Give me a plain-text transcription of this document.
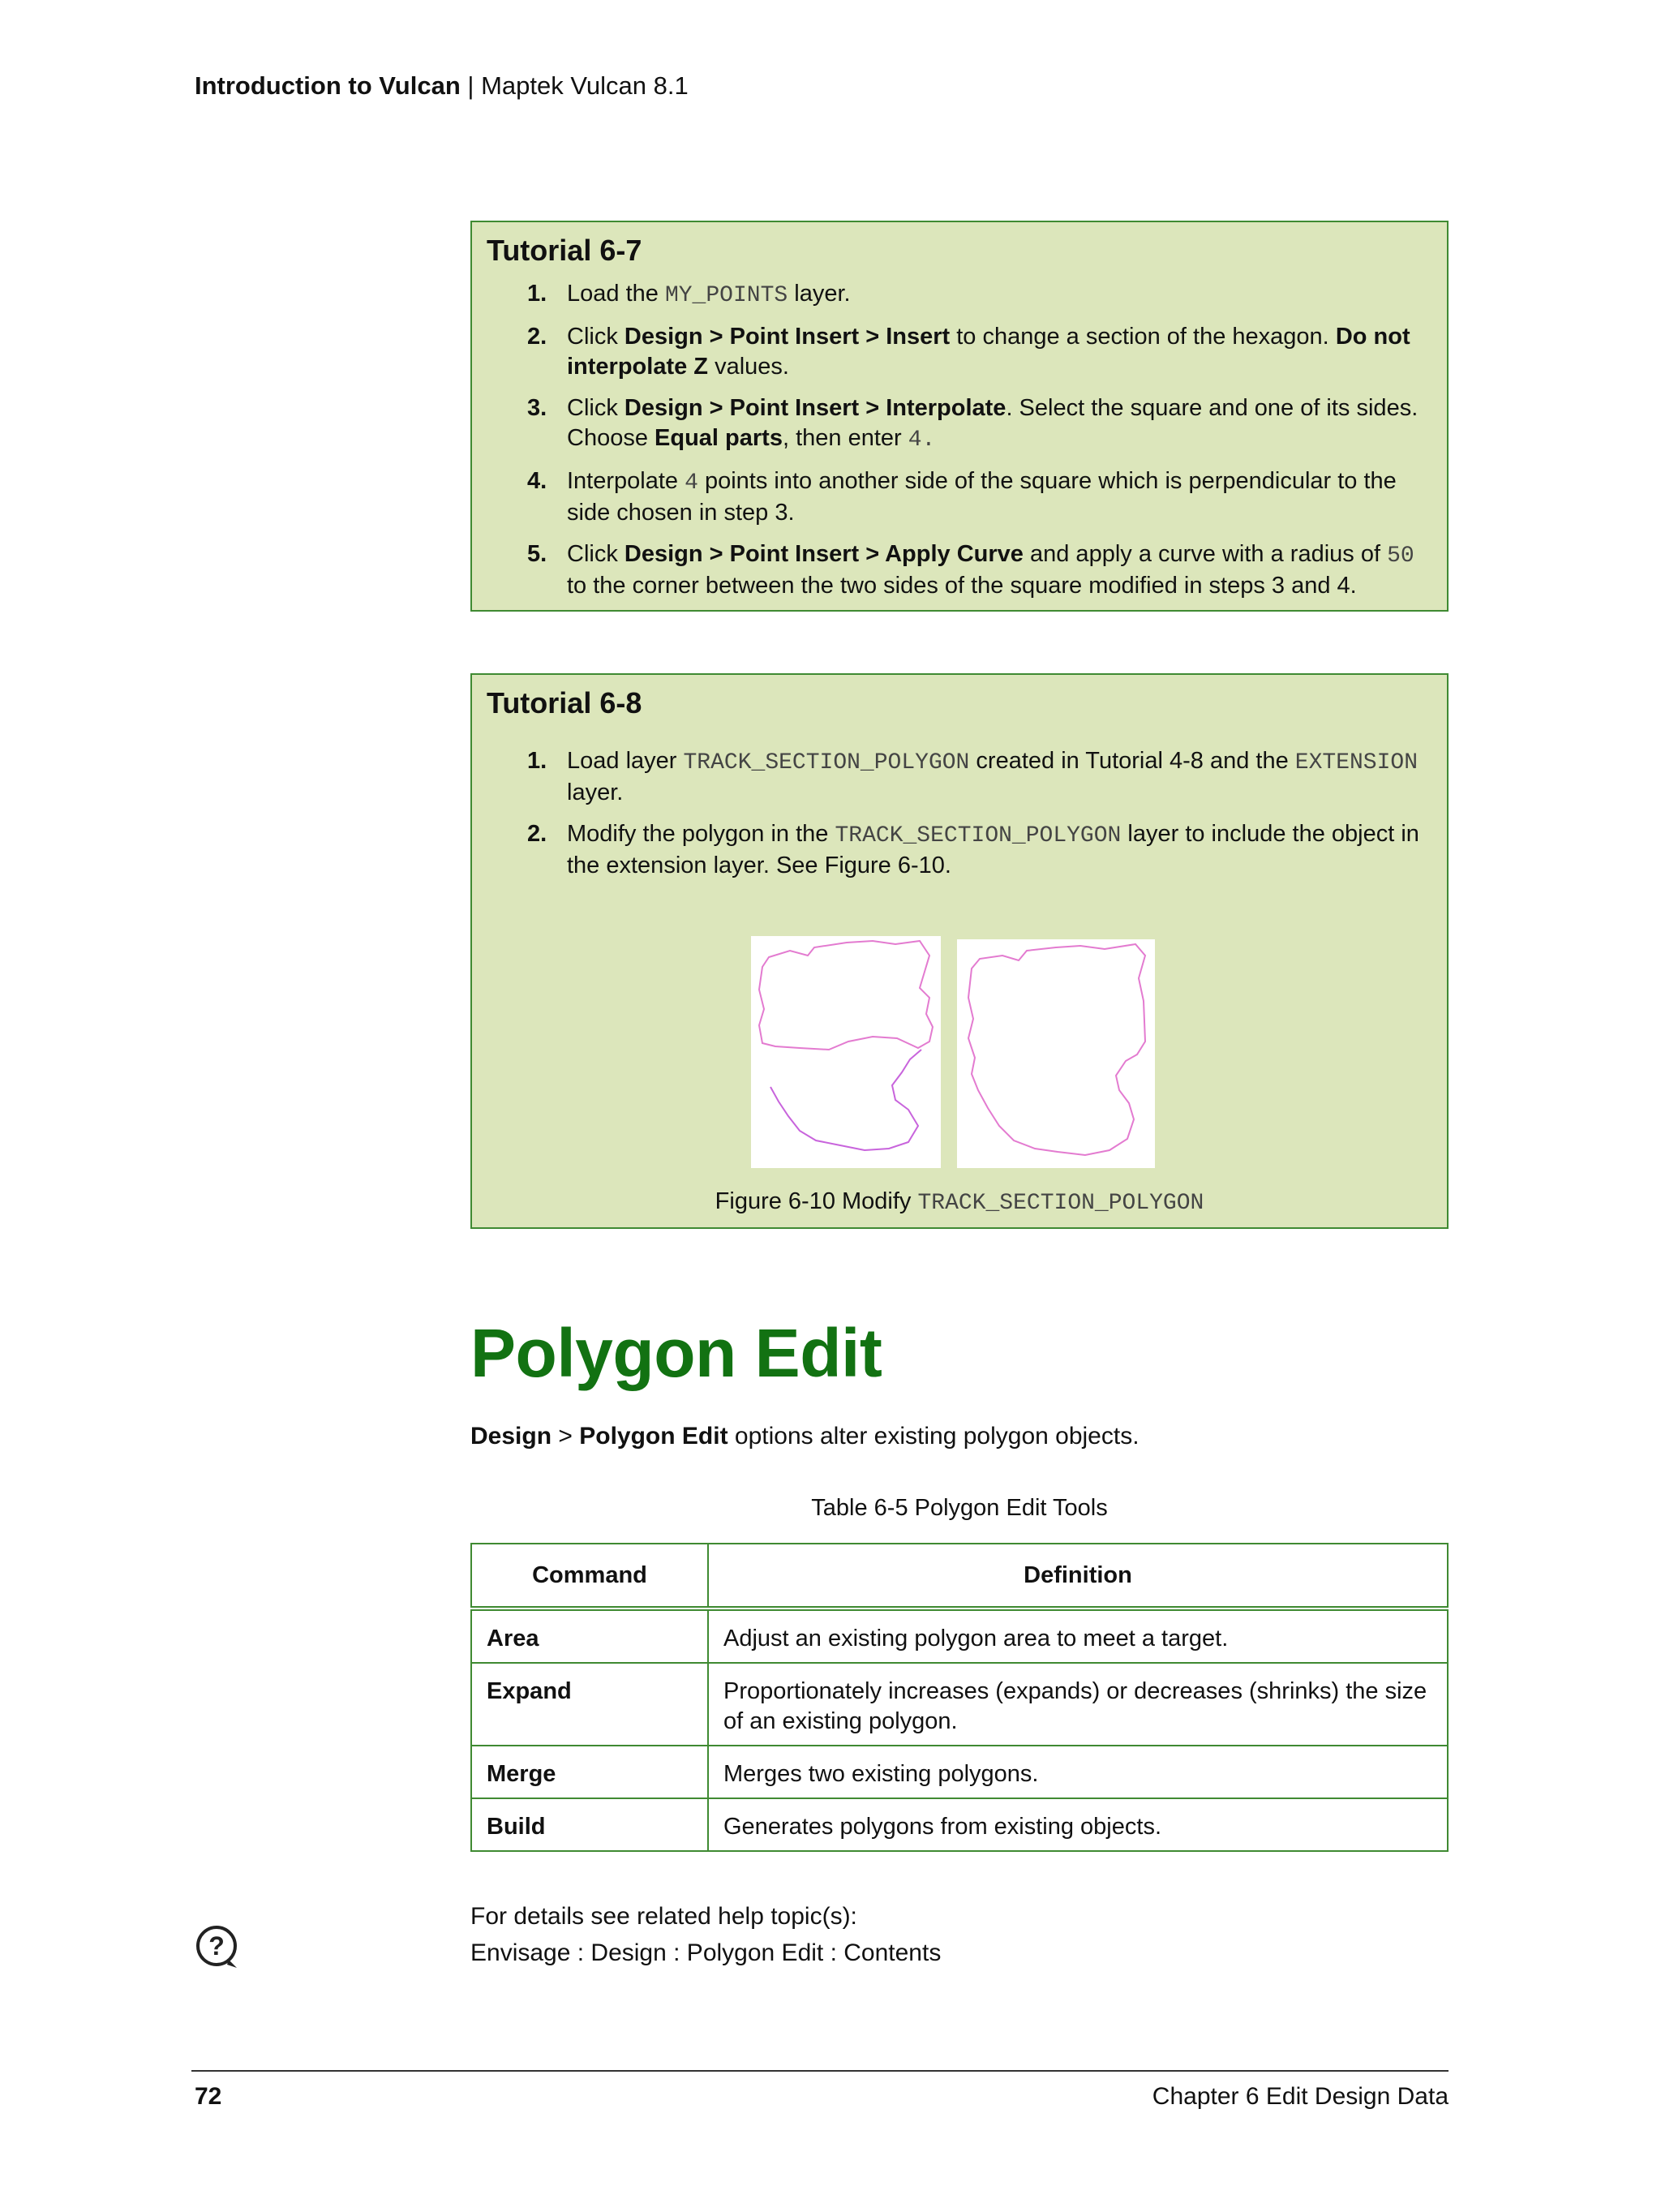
Introduction to Vulcan | Maptek Vulcan 8.1
Tutorial 6-7
1. Load the MY_POINTS layer.
2. Click Design > Point Insert > Insert to change a section of the hexagon. Do not interpolate Z values.
3. Click Design > Point Insert > Interpolate. Select the square and one of its sides. Choose Equal parts, then enter 4.
4. Interpolate 4 points into another side of the square which is perpendicular to the side chosen in step 3.
5. Click Design > Point Insert > Apply Curve and apply a curve with a radius of 50 to the corner between the two sides of the square modified in steps 3 and 4.
Tutorial 6-8
1. Load layer TRACK_SECTION_POLYGON created in Tutorial 4-8 and the EXTENSION layer.
2. Modify the polygon in the TRACK_SECTION_POLYGON layer to include the object in the extension layer. See Figure 6-10.
Figure 6-10 Modify TRACK_SECTION_POLYGON
Polygon Edit
Design > Polygon Edit options alter existing polygon objects.
Table 6-5 Polygon Edit Tools
Command	Definition
Area	Adjust an existing polygon area to meet a target.
Expand	Proportionately increases (expands) or decreases (shrinks) the size of an existing polygon.
Merge	Merges two existing polygons.
Build	Generates polygons from existing objects.
?
For details see related help topic(s):
Envisage : Design : Polygon Edit : Contents
72	Chapter 6 Edit Design Data
